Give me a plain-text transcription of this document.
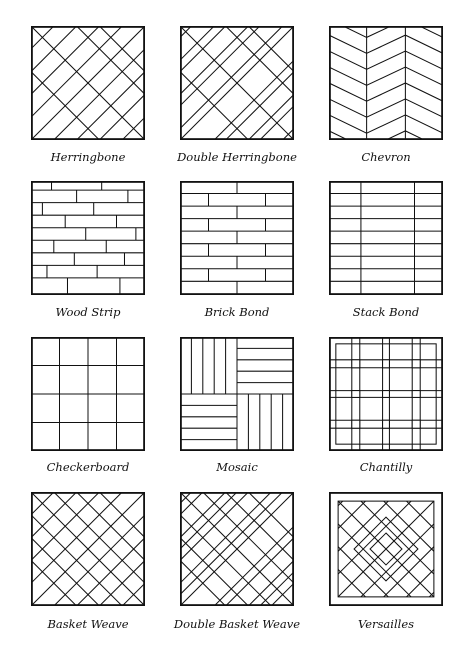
Herringbone	Double Herringbone	Chevron
Wood Strip	Brick Bond	Stack Bond
Checkerboard	Mosaic	Chantilly
Basket Weave	Double Basket Weave	Versailles
